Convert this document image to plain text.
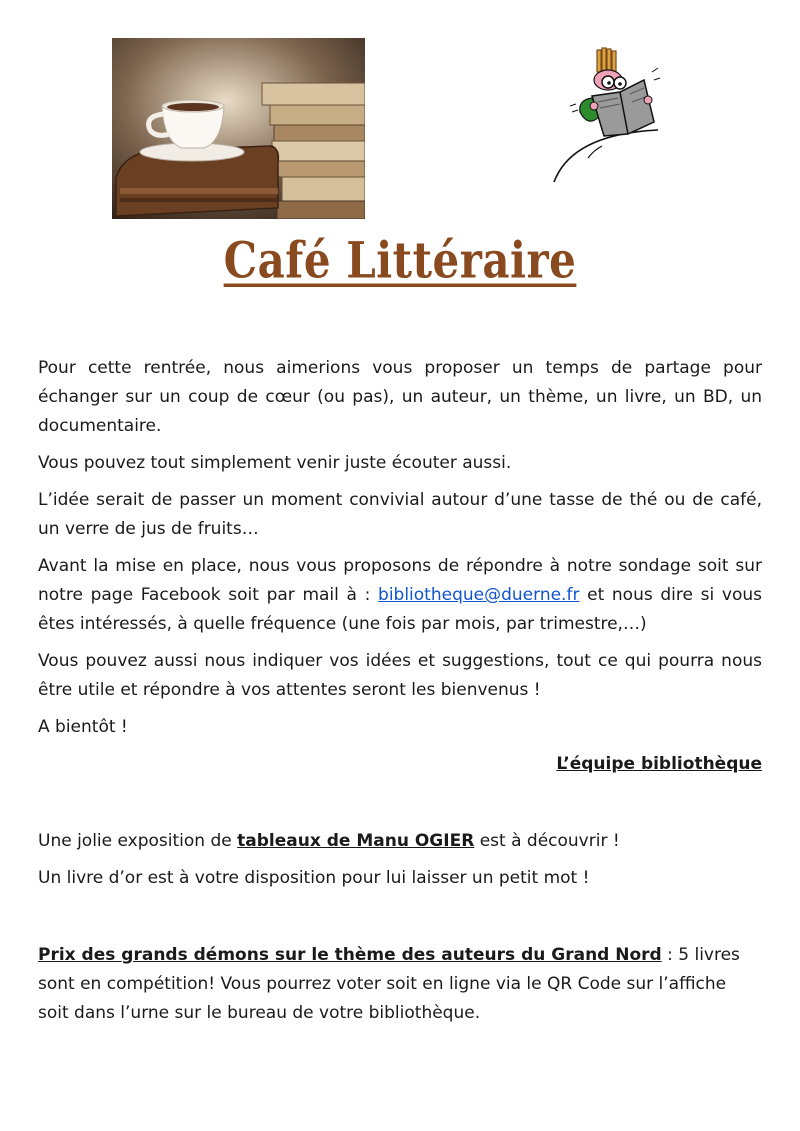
Café Littéraire

Pour cette rentrée, nous aimerions vous proposer un temps de partage pour échanger sur un coup de cœur (ou pas), un auteur, un thème, un livre, un BD, un documentaire.

Vous pouvez tout simplement venir juste écouter aussi.

L’idée serait de passer un moment convivial autour d’une tasse de thé ou de café, un verre de jus de fruits…

Avant la mise en place, nous vous proposons de répondre à notre sondage soit sur notre page Facebook soit par mail à : bibliotheque@duerne.fr et nous dire si vous êtes intéressés, à quelle fréquence (une fois par mois, par trimestre,…)

Vous pouvez aussi nous indiquer vos idées et suggestions, tout ce qui pourra nous être utile et répondre à vos attentes seront les bienvenus !

A bientôt !

L’équipe bibliothèque

Une jolie exposition de tableaux de Manu OGIER est à découvrir !

Un livre d’or est à votre disposition pour lui laisser un petit mot !

Prix des grands démons sur le thème des auteurs du Grand Nord : 5 livres sont en compétition! Vous pourrez voter soit en ligne via le QR Code sur l’affiche soit dans l’urne sur le bureau de votre bibliothèque.
